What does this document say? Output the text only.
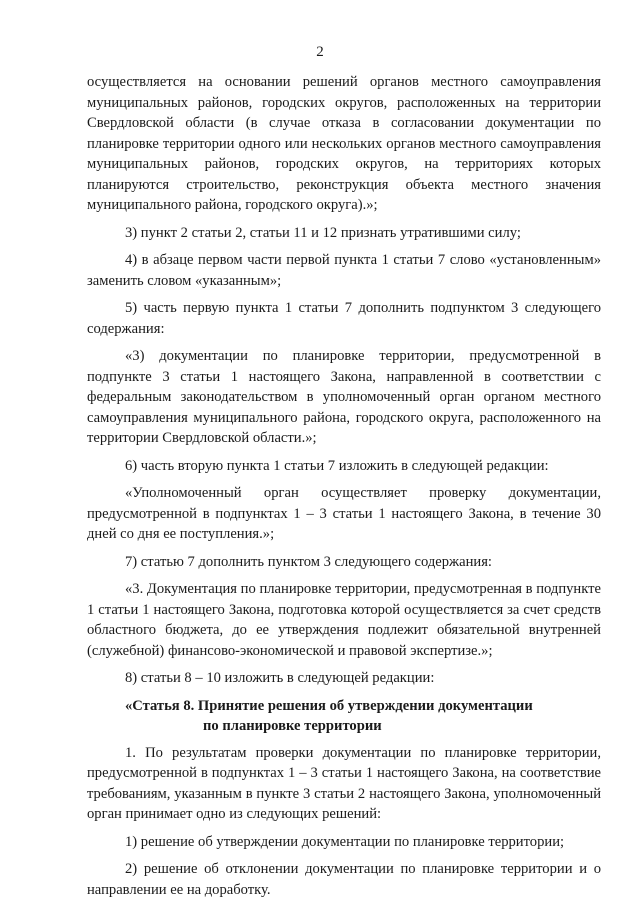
2

осуществляется на основании решений органов местного самоуправления муниципальных районов, городских округов, расположенных на территории Свердловской области (в случае отказа в согласовании документации по планировке территории одного или нескольких органов местного самоуправления муниципальных районов, городских округов, на территориях которых планируются строительство, реконструкция объекта местного значения муниципального района, городского округа).»;

3) пункт 2 статьи 2, статьи 11 и 12 признать утратившими силу;

4) в абзаце первом части первой пункта 1 статьи 7 слово «установленным» заменить словом «указанным»;

5) часть первую пункта 1 статьи 7 дополнить подпунктом 3 следующего содержания:

«3) документации по планировке территории, предусмотренной в подпункте 3 статьи 1 настоящего Закона, направленной в соответствии с федеральным законодательством в уполномоченный орган органом местного самоуправления муниципального района, городского округа, расположенного на территории Свердловской области.»;

6) часть вторую пункта 1 статьи 7 изложить в следующей редакции:

«Уполномоченный орган осуществляет проверку документации, предусмотренной в подпунктах 1 – 3 статьи 1 настоящего Закона, в течение 30 дней со дня ее поступления.»;

7) статью 7 дополнить пунктом 3 следующего содержания:

«3. Документация по планировке территории, предусмотренная в подпункте 1 статьи 1 настоящего Закона, подготовка которой осуществляется за счет средств областного бюджета, до ее утверждения подлежит обязательной внутренней (служебной) финансово-экономической и правовой экспертизе.»;

8) статьи 8 – 10 изложить в следующей редакции:

«Статья 8. Принятие решения об утверждении документации
по планировке территории

1. По результатам проверки документации по планировке территории, предусмотренной в подпунктах 1 – 3 статьи 1 настоящего Закона, на соответствие требованиям, указанным в пункте 3 статьи 2 настоящего Закона, уполномоченный орган принимает одно из следующих решений:

1) решение об утверждении документации по планировке территории;

2) решение об отклонении документации по планировке территории и о направлении ее на доработку.
